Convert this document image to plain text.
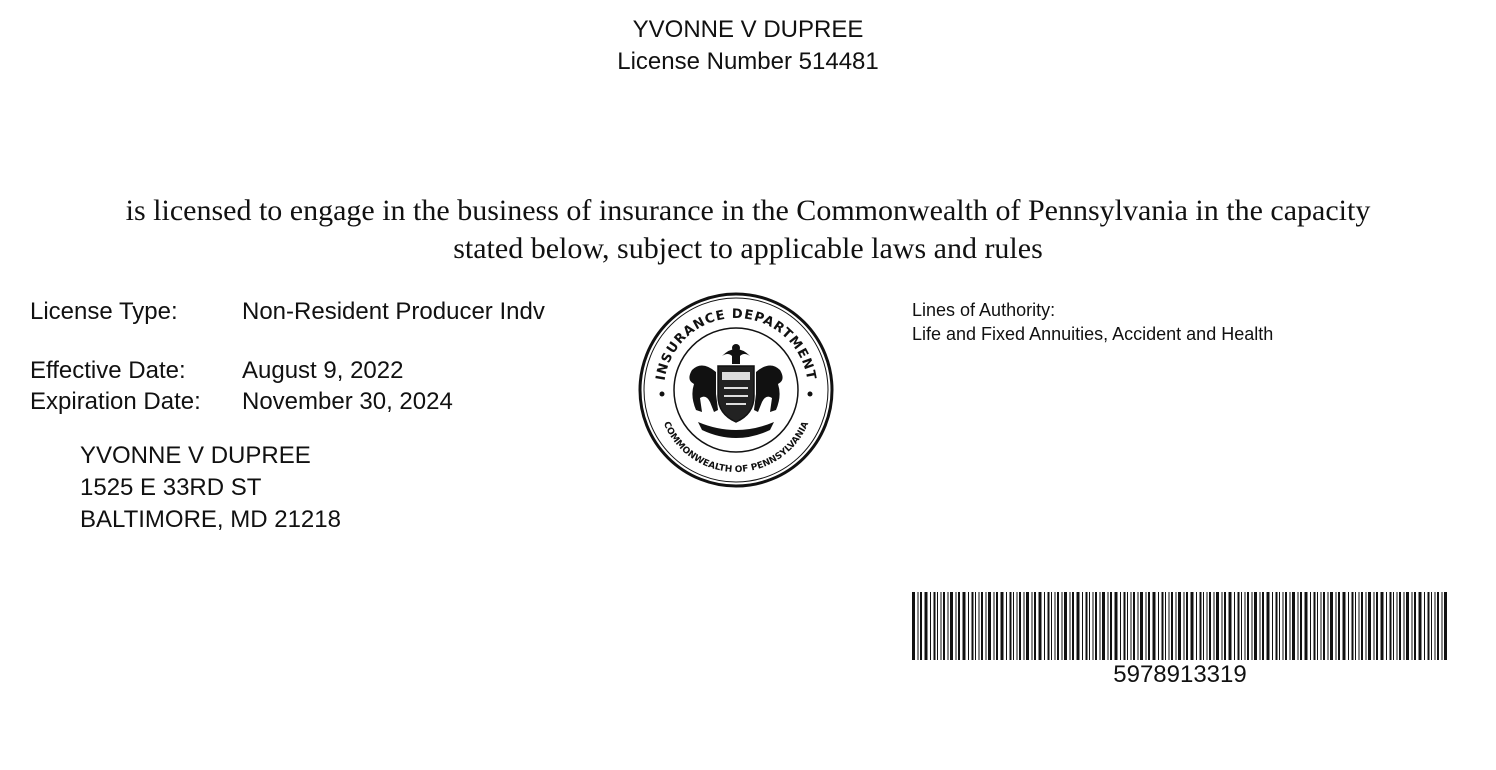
YVONNE V DUPREE
License Number 514481
is licensed to engage in the business of insurance in the Commonwealth of Pennsylvania in the capacity
stated below, subject to applicable laws and rules
License Type:	Non-Resident Producer Indv
Effective Date: August 9, 2022
Expiration Date: November 30, 2024
YVONNE V DUPREE
1525 E 33RD ST
BALTIMORE, MD 21218
INSURANCE DEPARTMENT
COMMONWEALTH OF PENNSYLVANIA
Lines of Authority:
Life and Fixed Annuities, Accident and Health
5978913319
